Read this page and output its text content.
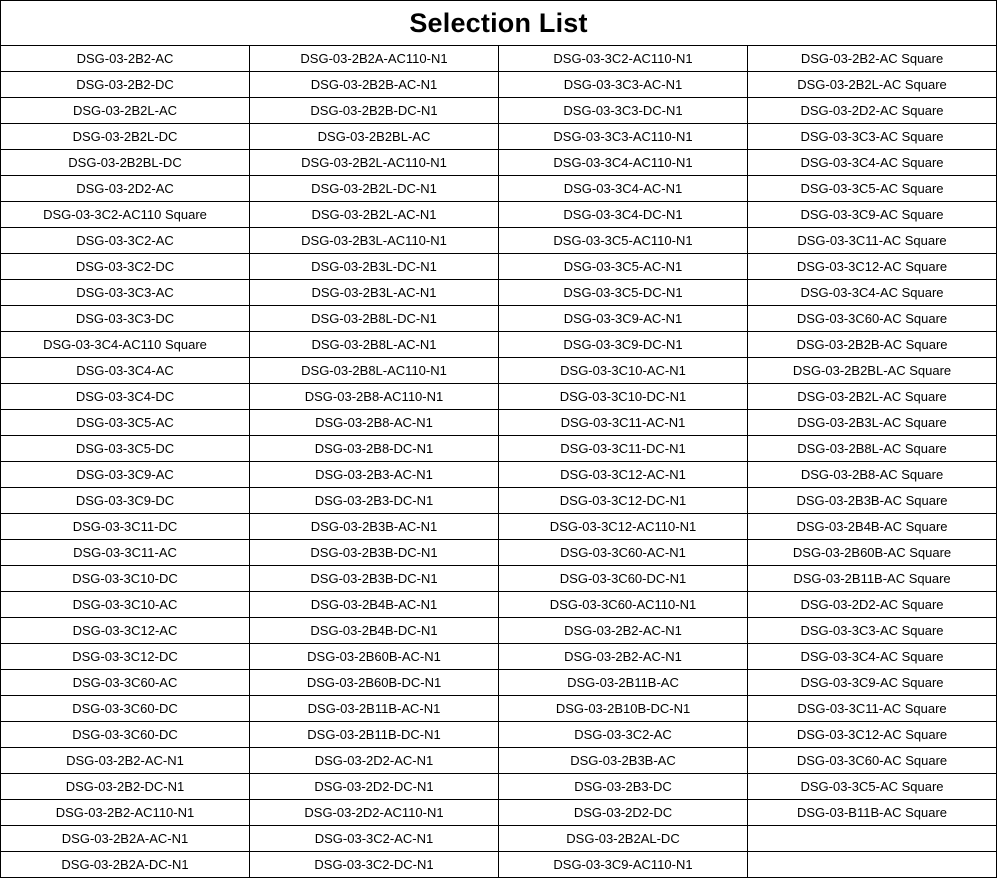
Selection List			
DSG-03-2B2-AC	DSG-03-2B2A-AC110-N1	DSG-03-3C2-AC110-N1	DSG-03-2B2-AC Square
DSG-03-2B2-DC	DSG-03-2B2B-AC-N1	DSG-03-3C3-AC-N1	DSG-03-2B2L-AC Square
DSG-03-2B2L-AC	DSG-03-2B2B-DC-N1	DSG-03-3C3-DC-N1	DSG-03-2D2-AC Square
DSG-03-2B2L-DC	DSG-03-2B2BL-AC	DSG-03-3C3-AC110-N1	DSG-03-3C3-AC Square
DSG-03-2B2BL-DC	DSG-03-2B2L-AC110-N1	DSG-03-3C4-AC110-N1	DSG-03-3C4-AC Square
DSG-03-2D2-AC	DSG-03-2B2L-DC-N1	DSG-03-3C4-AC-N1	DSG-03-3C5-AC Square
DSG-03-3C2-AC110 Square	DSG-03-2B2L-AC-N1	DSG-03-3C4-DC-N1	DSG-03-3C9-AC Square
DSG-03-3C2-AC	DSG-03-2B3L-AC110-N1	DSG-03-3C5-AC110-N1	DSG-03-3C11-AC Square
DSG-03-3C2-DC	DSG-03-2B3L-DC-N1	DSG-03-3C5-AC-N1	DSG-03-3C12-AC Square
DSG-03-3C3-AC	DSG-03-2B3L-AC-N1	DSG-03-3C5-DC-N1	DSG-03-3C4-AC Square
DSG-03-3C3-DC	DSG-03-2B8L-DC-N1	DSG-03-3C9-AC-N1	DSG-03-3C60-AC Square
DSG-03-3C4-AC110 Square	DSG-03-2B8L-AC-N1	DSG-03-3C9-DC-N1	DSG-03-2B2B-AC Square
DSG-03-3C4-AC	DSG-03-2B8L-AC110-N1	DSG-03-3C10-AC-N1	DSG-03-2B2BL-AC Square
DSG-03-3C4-DC	DSG-03-2B8-AC110-N1	DSG-03-3C10-DC-N1	DSG-03-2B2L-AC Square
DSG-03-3C5-AC	DSG-03-2B8-AC-N1	DSG-03-3C11-AC-N1	DSG-03-2B3L-AC Square
DSG-03-3C5-DC	DSG-03-2B8-DC-N1	DSG-03-3C11-DC-N1	DSG-03-2B8L-AC Square
DSG-03-3C9-AC	DSG-03-2B3-AC-N1	DSG-03-3C12-AC-N1	DSG-03-2B8-AC Square
DSG-03-3C9-DC	DSG-03-2B3-DC-N1	DSG-03-3C12-DC-N1	DSG-03-2B3B-AC Square
DSG-03-3C11-DC	DSG-03-2B3B-AC-N1	DSG-03-3C12-AC110-N1	DSG-03-2B4B-AC Square
DSG-03-3C11-AC	DSG-03-2B3B-DC-N1	DSG-03-3C60-AC-N1	DSG-03-2B60B-AC Square
DSG-03-3C10-DC	DSG-03-2B3B-DC-N1	DSG-03-3C60-DC-N1	DSG-03-2B11B-AC Square
DSG-03-3C10-AC	DSG-03-2B4B-AC-N1	DSG-03-3C60-AC110-N1	DSG-03-2D2-AC Square
DSG-03-3C12-AC	DSG-03-2B4B-DC-N1	DSG-03-2B2-AC-N1	DSG-03-3C3-AC Square
DSG-03-3C12-DC	DSG-03-2B60B-AC-N1	DSG-03-2B2-AC-N1	DSG-03-3C4-AC Square
DSG-03-3C60-AC	DSG-03-2B60B-DC-N1	DSG-03-2B11B-AC	DSG-03-3C9-AC Square
DSG-03-3C60-DC	DSG-03-2B11B-AC-N1	DSG-03-2B10B-DC-N1	DSG-03-3C11-AC Square
DSG-03-3C60-DC	DSG-03-2B11B-DC-N1	DSG-03-3C2-AC	DSG-03-3C12-AC Square
DSG-03-2B2-AC-N1	DSG-03-2D2-AC-N1	DSG-03-2B3B-AC	DSG-03-3C60-AC Square
DSG-03-2B2-DC-N1	DSG-03-2D2-DC-N1	DSG-03-2B3-DC	DSG-03-3C5-AC Square
DSG-03-2B2-AC110-N1	DSG-03-2D2-AC110-N1	DSG-03-2D2-DC	DSG-03-B11B-AC Square
DSG-03-2B2A-AC-N1	DSG-03-3C2-AC-N1	DSG-03-2B2AL-DC	
DSG-03-2B2A-DC-N1	DSG-03-3C2-DC-N1	DSG-03-3C9-AC110-N1	
